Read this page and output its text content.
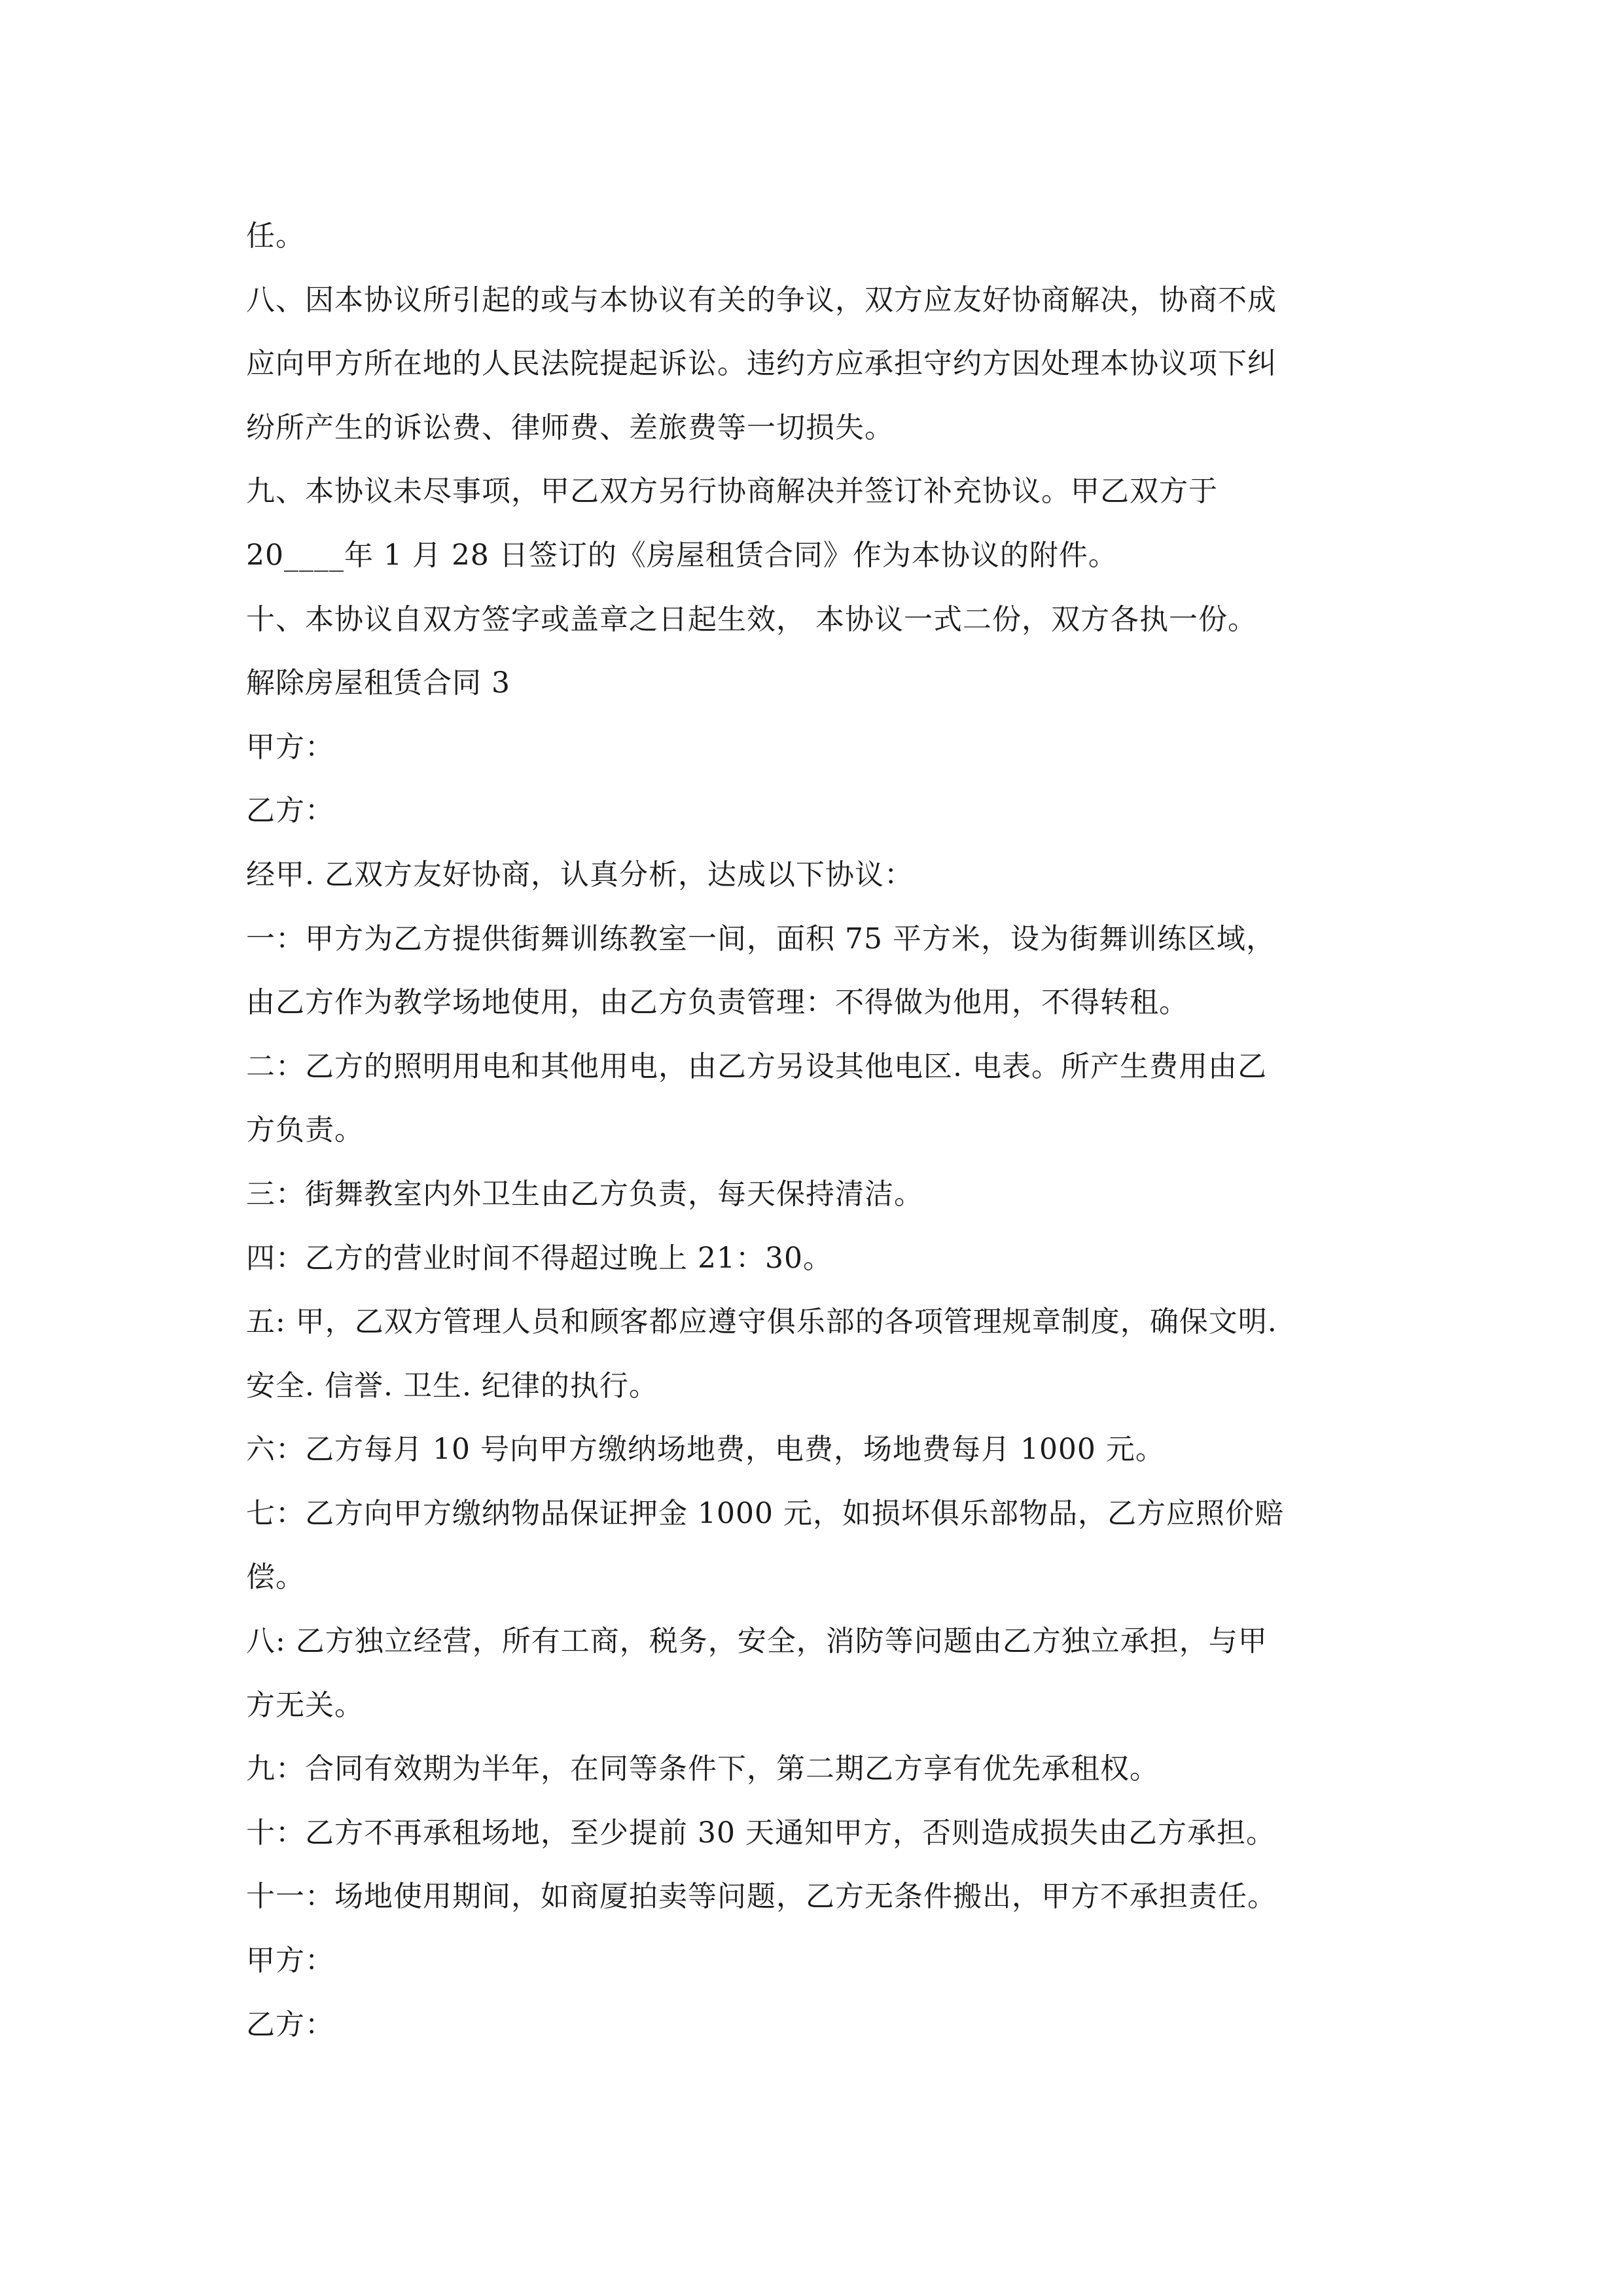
任。

八、因本协议所引起的或与本协议有关的争议，双方应友好协商解决，协商不成

应向甲方所在地的人民法院提起诉讼。违约方应承担守约方因处理本协议项下纠

纷所产生的诉讼费、律师费、差旅费等一切损失。

九、本协议未尽事项，甲乙双方另行协商解决并签订补充协议。甲乙双方于

20____年 1 月 28 日签订的《房屋租赁合同》作为本协议的附件。

十、本协议自双方签字或盖章之日起生效， 本协议一式二份，双方各执一份。

解除房屋租赁合同 3

甲方：

乙方：

经甲. 乙双方友好协商，认真分析，达成以下协议：

一：甲方为乙方提供街舞训练教室一间，面积 75 平方米，设为街舞训练区域，

由乙方作为教学场地使用，由乙方负责管理：不得做为他用，不得转租。

二：乙方的照明用电和其他用电，由乙方另设其他电区. 电表。所产生费用由乙

方负责。

三：街舞教室内外卫生由乙方负责，每天保持清洁。

四：乙方的营业时间不得超过晚上 21：30。

五: 甲，乙双方管理人员和顾客都应遵守俱乐部的各项管理规章制度，确保文明.

安全. 信誉. 卫生. 纪律的执行。

六：乙方每月 10 号向甲方缴纳场地费，电费，场地费每月 1000 元。

七：乙方向甲方缴纳物品保证押金 1000 元，如损坏俱乐部物品，乙方应照价赔

偿。

八: 乙方独立经营，所有工商，税务，安全，消防等问题由乙方独立承担，与甲

方无关。

九：合同有效期为半年，在同等条件下，第二期乙方享有优先承租权。

十：乙方不再承租场地，至少提前 30 天通知甲方，否则造成损失由乙方承担。

十一：场地使用期间，如商厦拍卖等问题，乙方无条件搬出，甲方不承担责任。

甲方：

乙方：
